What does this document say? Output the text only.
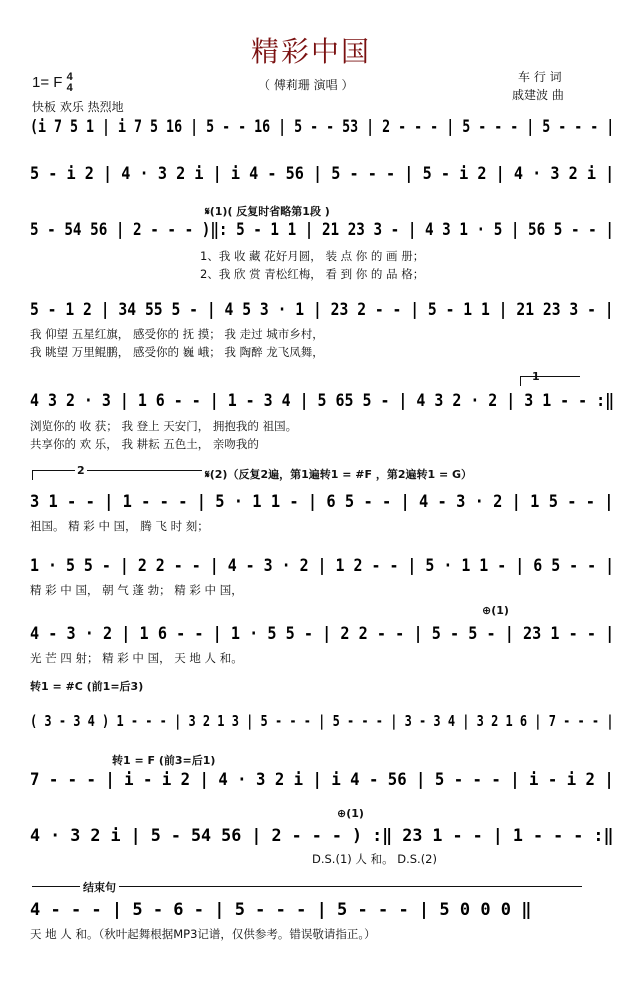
精彩中国
（ 傅莉珊 演唱 ）
1= F 4
4
快板 欢乐 热烈地
车 行 词
戚建波 曲
(i 7 5 1 | i 7 5 16 | 5 - - 16 | 5 - - 53 | 2 - - - | 5 - - - | 5 - - - |
5 - i 2 | 4 · 3 2 i | i 4 - 56 | 5 - - - | 5 - i 2 | 4 · 3 2 i |
𝄋(1)( 反复时省略第1段 )
5 - 54 56 | 2 - - - )‖: 5 - 1 1 | 21 23 3 - | 4 3 1 · 5 | 56 5 - - |
1、我 收 藏 花好月圆， 装 点 你 的 画 册；
2、我 欣 赏 青松红梅， 看 到 你 的 品 格；
5 - 1 2 | 34 55 5 - | 4 5 3 · 1 | 23 2 - - | 5 - 1 1 | 21 23 3 - |
我 仰望 五星红旗， 感受你的 抚 摸； 我 走过 城市乡村，
我 眺望 万里鲲鹏， 感受你的 巍 峨； 我 陶醉 龙飞凤舞，
1
4 3 2 · 3 | 1 6 - - | 1 - 3 4 | 5 65 5 - | 4 3 2 · 2 | 3 1 - - :‖
浏览你的 收 获； 我 登上 天安门， 拥抱我的 祖国。
共享你的 欢 乐， 我 耕耘 五色土， 亲吻我的
2	𝄋(2)（反复2遍，第1遍转1 = #F ，第2遍转1 = G）
3 1 - - | 1 - - - | 5 · 1 1 - | 6 5 - - | 4 - 3 · 2 | 1 5 - - |
祖国。 精 彩 中 国， 腾 飞 时 刻；
1 · 5 5 - | 2 2 - - | 4 - 3 · 2 | 1 2 - - | 5 · 1 1 - | 6 5 - - |
精 彩 中 国， 朝 气 蓬 勃； 精 彩 中 国，
⊕(1)
4 - 3 · 2 | 1 6 - - | 1 · 5 5 - | 2 2 - - | 5 - 5 - | 23 1 - - |
光 芒 四 射； 精 彩 中 国， 天 地 人 和。
转1 = #C (前1=后3)
( 3 - 3 4 ) 1 - - - | 3 2 1 3 | 5 - - - | 5 - - - | 3 - 3 4 | 3 2 1 6 | 7 - - - |
转1 = F (前3=后1)
7 - - - | i - i 2 | 4 · 3 2 i | i 4 - 56 | 5 - - - | i - i 2 |
⊕(1)
4 · 3 2 i | 5 - 54 56 | 2 - - - ) :‖ 23 1 - - | 1 - - - :‖
D.S.(1) 人 和。 D.S.(2)
结束句
4 - - - | 5 - 6 - | 5 - - - | 5 - - - | 5 0 0 0 ‖
天 地 人 和。（秋叶起舞根据MP3记谱，仅供参考。错误敬请指正。）
